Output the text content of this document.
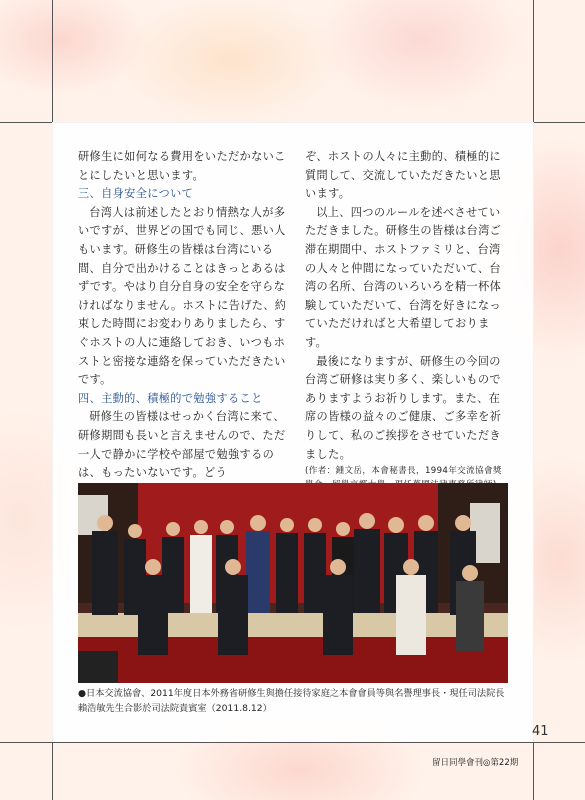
研修生に如何なる費用をいただかないことにしたいと思います。

三、自身安全について

台湾人は前述したとおり情熱な人が多いですが、世界どの国でも同じ、悪い人もいます。研修生の皆様は台湾にいる間、自分で出かけることはきっとあるはずです。やはり自分自身の安全を守らなければなりません。ホストに告げた、約束した時間にお変わりありましたら、すぐホストの人に連絡しておき、いつもホストと密接な連絡を保っていただきたいです。

四、主動的、積極的で勉強すること

研修生の皆様はせっかく台湾に来て、研修期間も長いと言えませんので、ただ一人で静かに学校や部屋で勉強するのは、もったいないです。どう

ぞ、ホストの人々に主動的、積極的に質問して、交流していただきたいと思います。

以上、四つのルールを述べさせていただきました。研修生の皆様は台湾ご滞在期間中、ホストファミリと、台湾の人々と仲間になっていただいて、台湾の名所、台湾のいろいろを精一杯体験していただいて、台湾を好きになっていただければと大希望しております。

最後になりますが、研修生の今回の台湾ご研修は実り多く、楽しいものでありますようお祈りします。また、在席の皆様の益々のご健康、ご多幸を祈りして、私のご挨拶をさせていただきました。

(作者：鍾文岳，本會秘書長，1994年交流協會獎

●日本交流協會、2011年度日本外務省研修生與擔任接待家庭之本會會員等與名譽理事長・現任司法院長賴浩敏先生合影於司法院貴賓室（2011.8.12）
41
留日同學會刊◎第22期
